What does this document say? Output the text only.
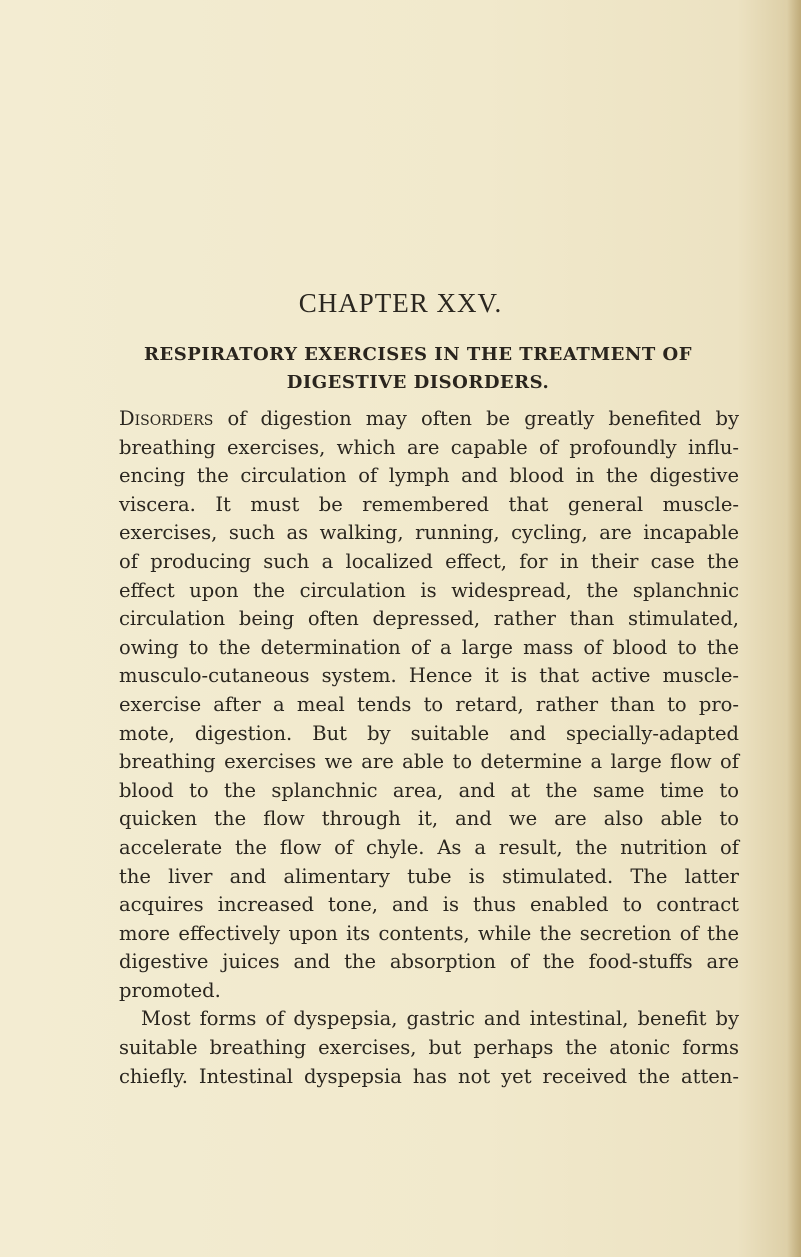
CHAPTER XXV.
RESPIRATORY EXERCISES IN THE TREATMENT OF
DIGESTIVE DISORDERS.
Disorders of digestion may often be greatly benefited by
breathing exercises, which are capable of profoundly influ-
encing the circulation of lymph and blood in the digestive
viscera. It must be remembered that general muscle-
exercises, such as walking, running, cycling, are incapable
of producing such a localized effect, for in their case the
effect upon the circulation is widespread, the splanchnic
circulation being often depressed, rather than stimulated,
owing to the determination of a large mass of blood to the
musculo-cutaneous system. Hence it is that active muscle-
exercise after a meal tends to retard, rather than to pro-
mote, digestion. But by suitable and specially-adapted
breathing exercises we are able to determine a large flow of
blood to the splanchnic area, and at the same time to
quicken the flow through it, and we are also able to
accelerate the flow of chyle. As a result, the nutrition of
the liver and alimentary tube is stimulated. The latter
acquires increased tone, and is thus enabled to contract
more effectively upon its contents, while the secretion of the
digestive juices and the absorption of the food-stuffs are
promoted.
Most forms of dyspepsia, gastric and intestinal, benefit by
suitable breathing exercises, but perhaps the atonic forms
chiefly. Intestinal dyspepsia has not yet received the atten-
